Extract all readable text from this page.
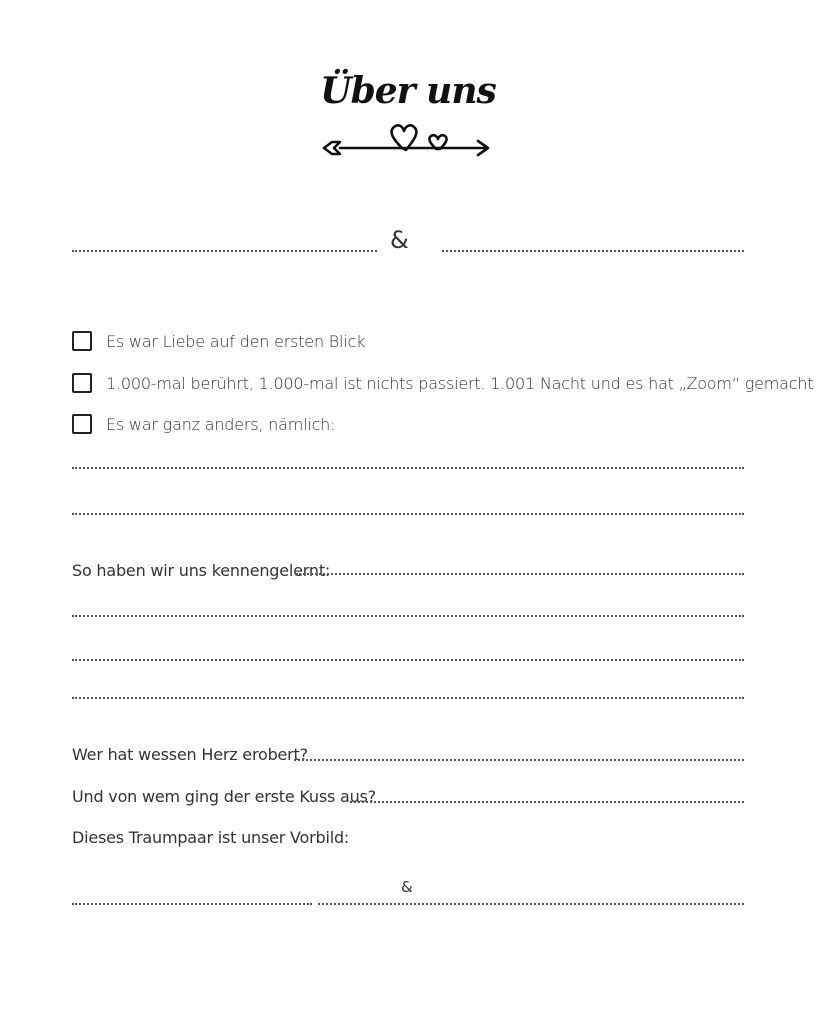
Über uns
&
Es war Liebe auf den ersten Blick
1.000-mal berührt, 1.000-mal ist nichts passiert. 1.001 Nacht und es hat „Zoom“ gemacht
Es war ganz anders, nämlich:
So haben wir uns kennengelernt:
Wer hat wessen Herz erobert?
Und von wem ging der erste Kuss aus?
Dieses Traumpaar ist unser Vorbild:
&
